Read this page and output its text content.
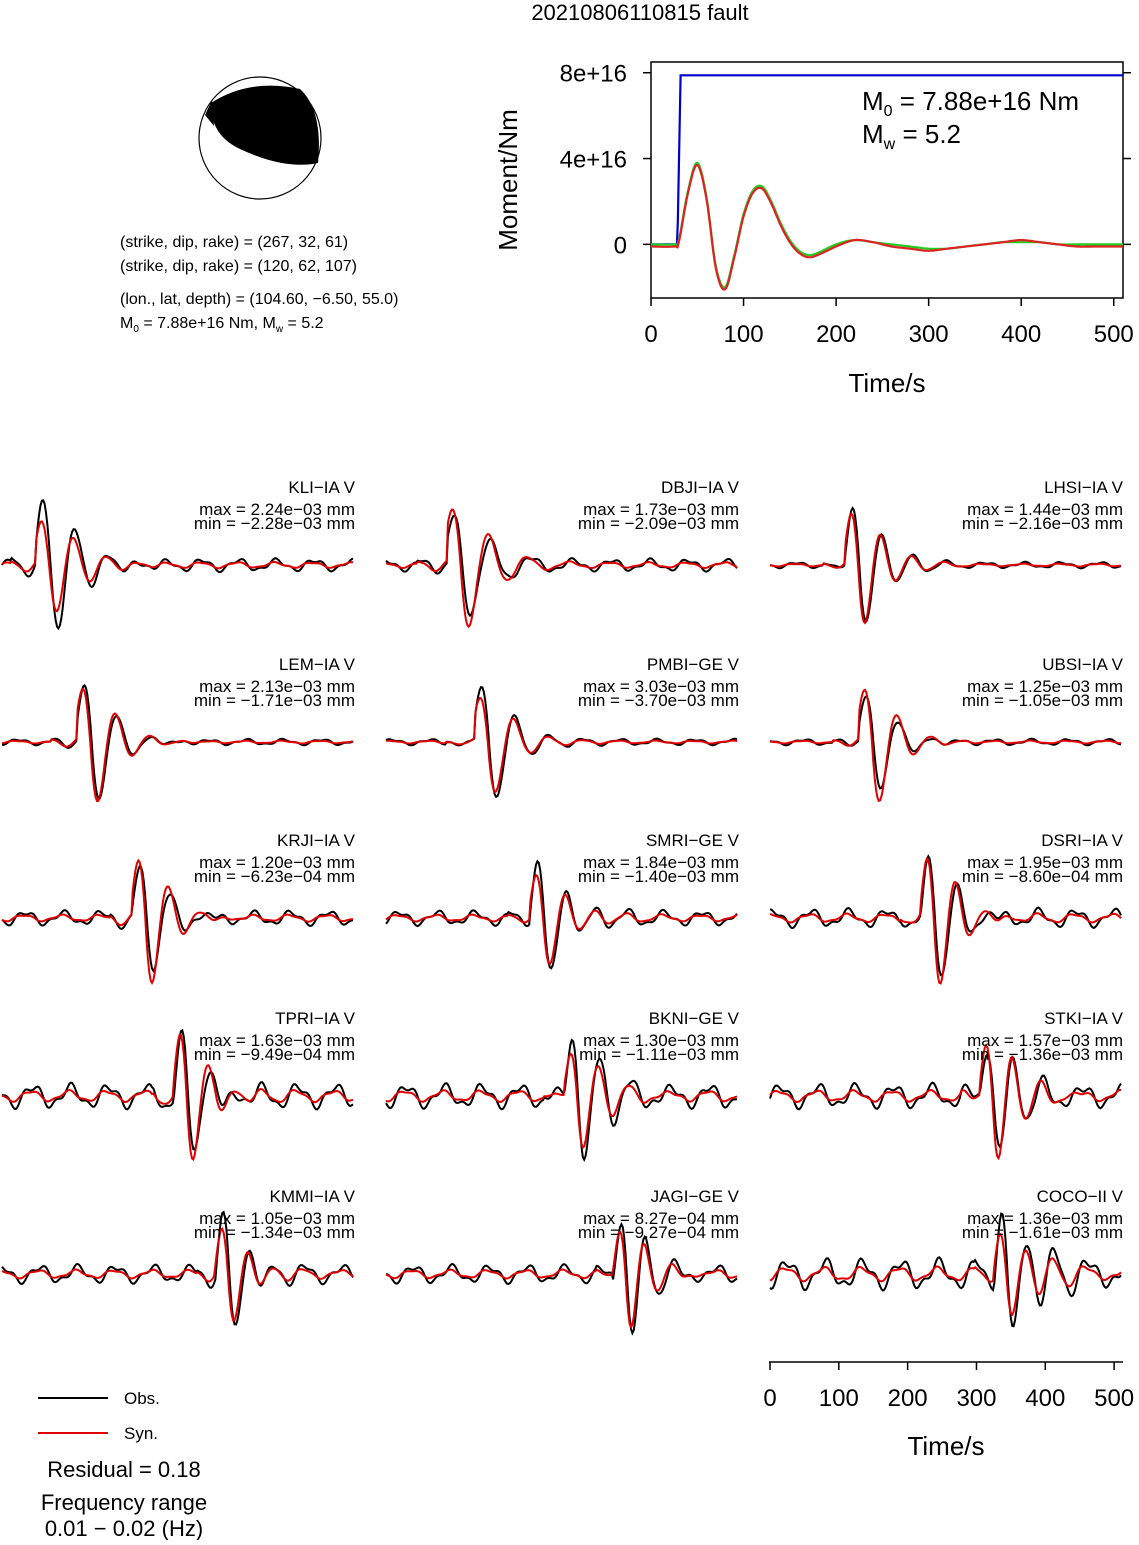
20210806110815 fault
(strike, dip, rake) = (267, 32, 61)
(strike, dip, rake) = (120, 62, 107)
(lon., lat, depth) = (104.60, −6.50, 55.0)
$M_0 = 7.88e+16$ Nm, $M_w = 5.2$	0	100 200 300 400 500
0
4e+16
8e+16
Time/s
Moment/Nm
$M_0 = 7.88e+16$ Nm
$M_w = 5.2$
KLI−IA V
max = 2.24e−03 mm
min = −2.28e−03 mm
DBJI−IA V
max = 1.73e−03 mm
min = −2.09e−03 mm
LHSI−IA V
max = 1.44e−03 mm
min = −2.16e−03 mm
LEM−IA V
max = 2.13e−03 mm
min = −1.71e−03 mm
PMBI−GE V
max = 3.03e−03 mm
min = −3.70e−03 mm
UBSI−IA V
max = 1.25e−03 mm
min = −1.05e−03 mm
KRJI−IA V
max = 1.20e−03 mm
min = −6.23e−04 mm
SMRI−GE V
max = 1.84e−03 mm
min = −1.40e−03 mm
DSRI−IA V
max = 1.95e−03 mm
min = −8.60e−04 mm
TPRI−IA V
max = 1.63e−03 mm
min = −9.49e−04 mm
BKNI−GE V
max = 1.30e−03 mm
min = −1.11e−03 mm
STKI−IA V
max = 1.57e−03 mm
min = −1.36e−03 mm
KMMI−IA V
max = 1.05e−03 mm
min = −1.34e−03 mm
JAGI−GE V
max = 8.27e−04 mm
min = −9.27e−04 mm
COCO−II V
max = 1.36e−03 mm
min = −1.61e−03 mm
Time/s
0 100 200 300 400 500
Obs.
Syn.
Residual = 0.18
Frequency range
0.01 − 0.02 (Hz)
